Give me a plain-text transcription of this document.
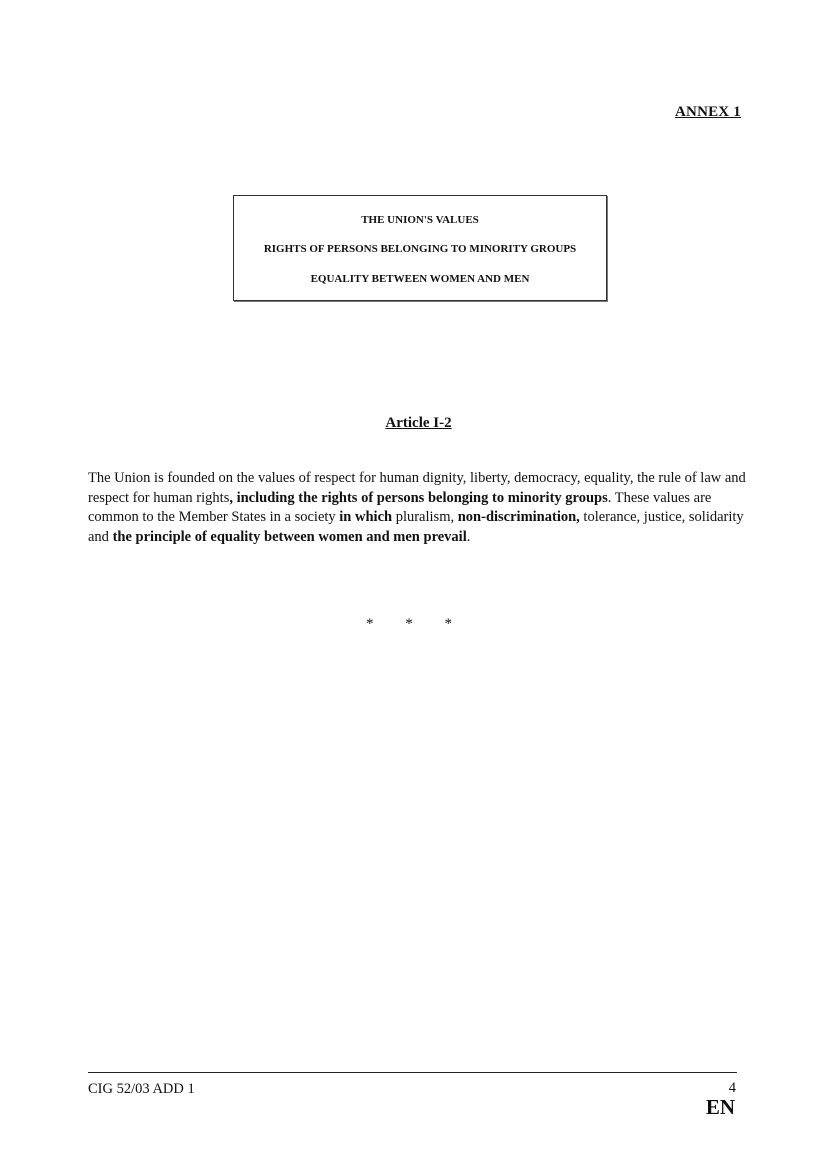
ANNEX 1
THE UNION'S VALUES
RIGHTS OF PERSONS BELONGING TO MINORITY GROUPS
EQUALITY BETWEEN WOMEN AND MEN
Article I-2
The Union is founded on the values of respect for human dignity, liberty, democracy, equality, the rule of law and respect for human rights, including the rights of persons belonging to minority groups. These values are common to the Member States in a society in which pluralism, non-discrimination, tolerance, justice, solidarity and the principle of equality between women and men prevail.
* * *
CIG 52/03 ADD 1	4
EN
